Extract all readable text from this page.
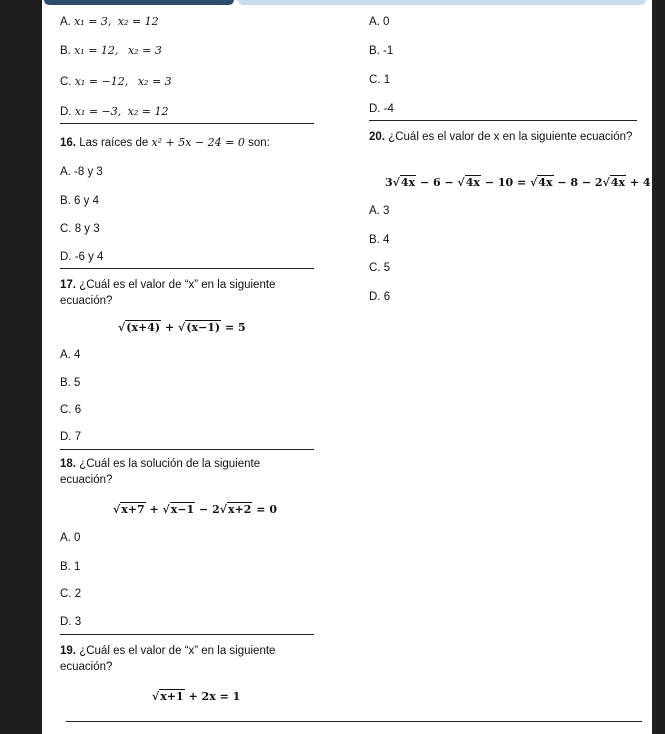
A. x₁ = 3, x₂ = 12
B. x₁ = 12, x₂ = 3
C. x₁ = −12, x₂ = 3
D. x₁ = −3, x₂ = 12
16. Las raíces de x² + 5x − 24 = 0 son:
A. -8 y 3
B. 6 y 4
C. 8 y 3
D. -6 y 4
17. ¿Cuál es el valor de “x” en la siguiente ecuación?
√(x+4) + √(x−1) = 5
A. 4
B. 5
C. 6
D. 7
18. ¿Cuál es la solución de la siguiente ecuación?
√x+7 + √x−1 − 2√x+2 = 0
A. 0
B. 1
C. 2
D. 3
19. ¿Cuál es el valor de “x” en la siguiente ecuación?
√x+1 + 2x = 1
A. 0
B. -1
C. 1
D. -4
20. ¿Cuál es el valor de x en la siguiente ecuación?
3√4x − 6 − √4x − 10 = √4x − 8 − 2√4x + 4
A. 3
B. 4
C. 5
D. 6
